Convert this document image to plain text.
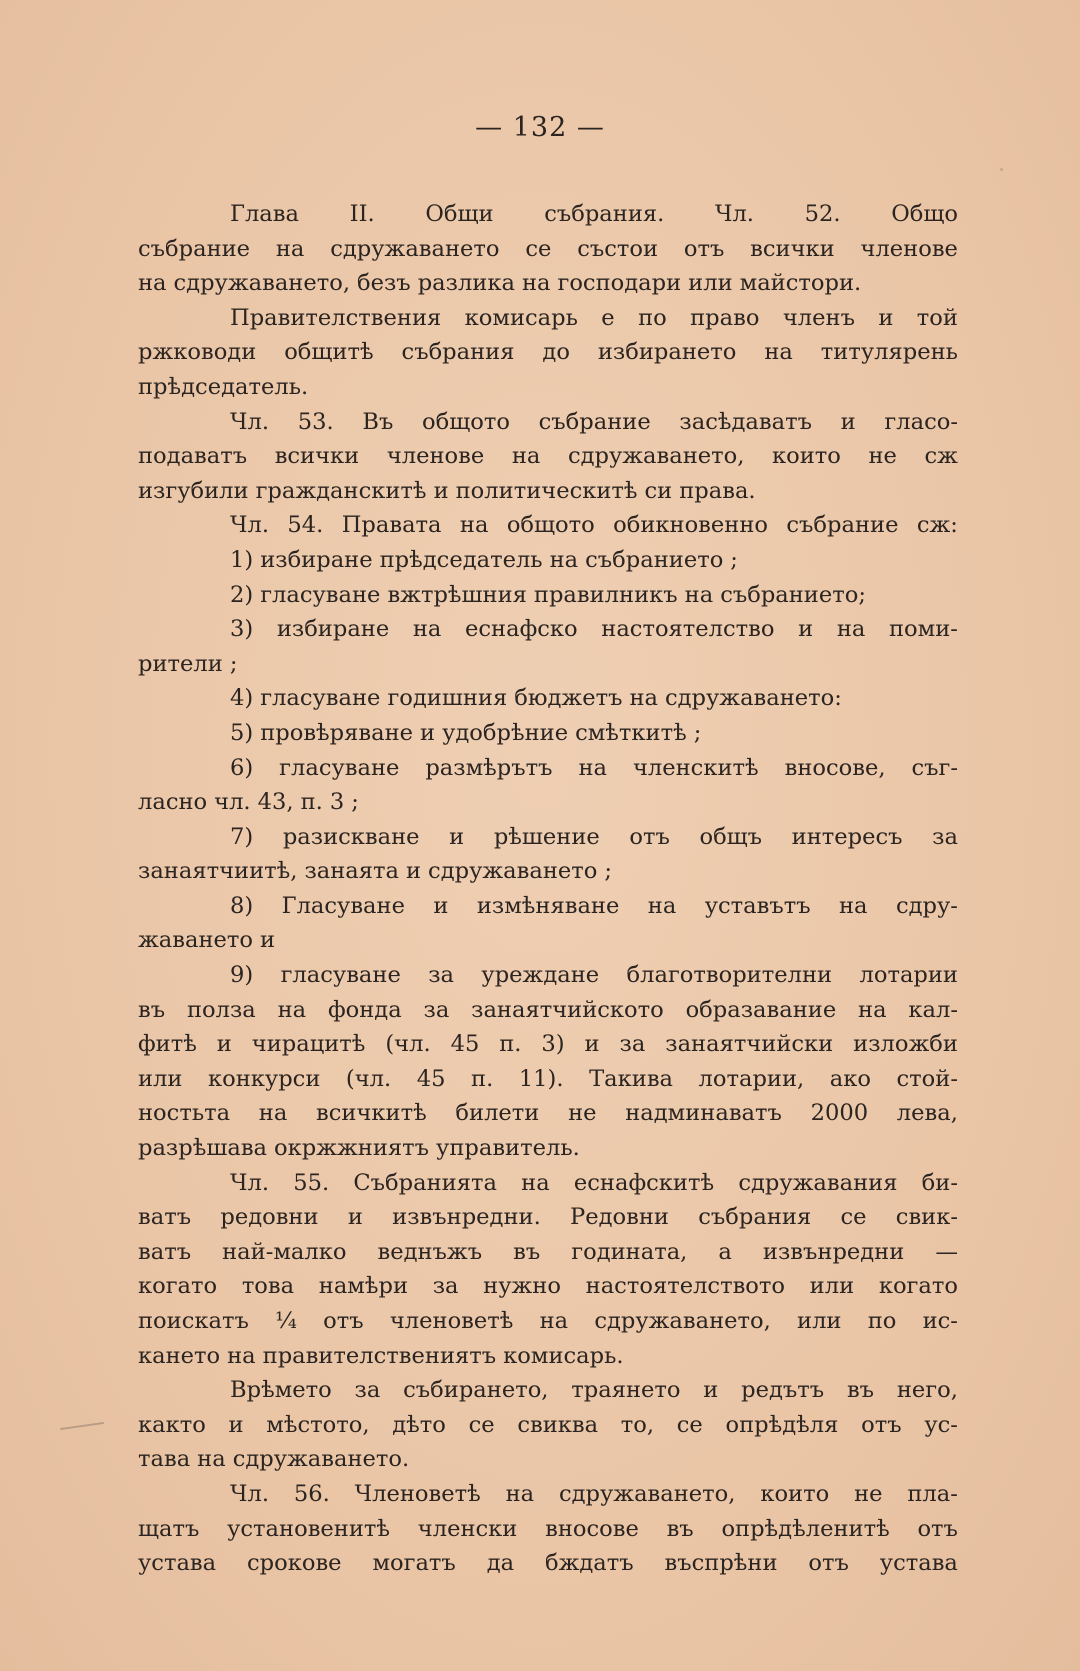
— 132 —
Глава II. Общи събрания. Чл. 52. Общо
събрание на сдружаването се състои отъ всички членове
на сдружаването, безъ разлика на господари или майстори.
Правителствения комисарь е по право членъ и той
ржководи общитѣ събрания до избирането на титулярень
прѣдседатель.
Чл. 53. Въ общото събрание засѣдаватъ и гласо-
подаватъ всички членове на сдружаването, които не сж
изгубили гражданскитѣ и политическитѣ си права.
Чл. 54. Правата на общото обикновенно събрание сж:
1) избиране прѣдседатель на събранието ;
2) гласуване вжтрѣшния правилникъ на събранието;
3) избиране на еснафско настоятелство и на поми-
рители ;
4) гласуване годишния бюджетъ на сдружаването:
5) провѣряване и удобрѣние смѣткитѣ ;
6) гласуване размѣрътъ на членскитѣ вносове, съг-
ласно чл. 43, п. 3 ;
7) разискване и рѣшение отъ общъ интересъ за
занаятчиитѣ, занаята и сдружаването ;
8) Гласуване и измѣняване на уставътъ на сдру-
жаването и
9) гласуване за уреждане благотворителни лотарии
въ полза на фонда за занаятчийското образавание на кал-
фитѣ и чирацитѣ (чл. 45 п. 3) и за занаятчийски изложби
или конкурси (чл. 45 п. 11). Такива лотарии, ако стой-
ностьта на всичкитѣ билети не надминаватъ 2000 лева,
разрѣшава окржжниятъ управитель.
Чл. 55. Събранията на еснафскитѣ сдружавания би-
ватъ редовни и извънредни. Редовни събрания се свик-
ватъ най-малко веднъжъ въ годината, а извънредни —
когато това намѣри за нужно настоятелството или когато
поискатъ ¼ отъ членоветѣ на сдружаването, или по ис-
кането на правителствениятъ комисарь.
Врѣмето за събирането, траянето и редътъ въ него,
както и мѣстото, дѣто се свиква то, се опрѣдѣля отъ ус-
тава на сдружаването.
Чл. 56. Членоветѣ на сдружаването, които не пла-
щатъ установенитѣ членски вносове въ опрѣдѣленитѣ отъ
устава срокове могатъ да бждатъ въспрѣни отъ устава
